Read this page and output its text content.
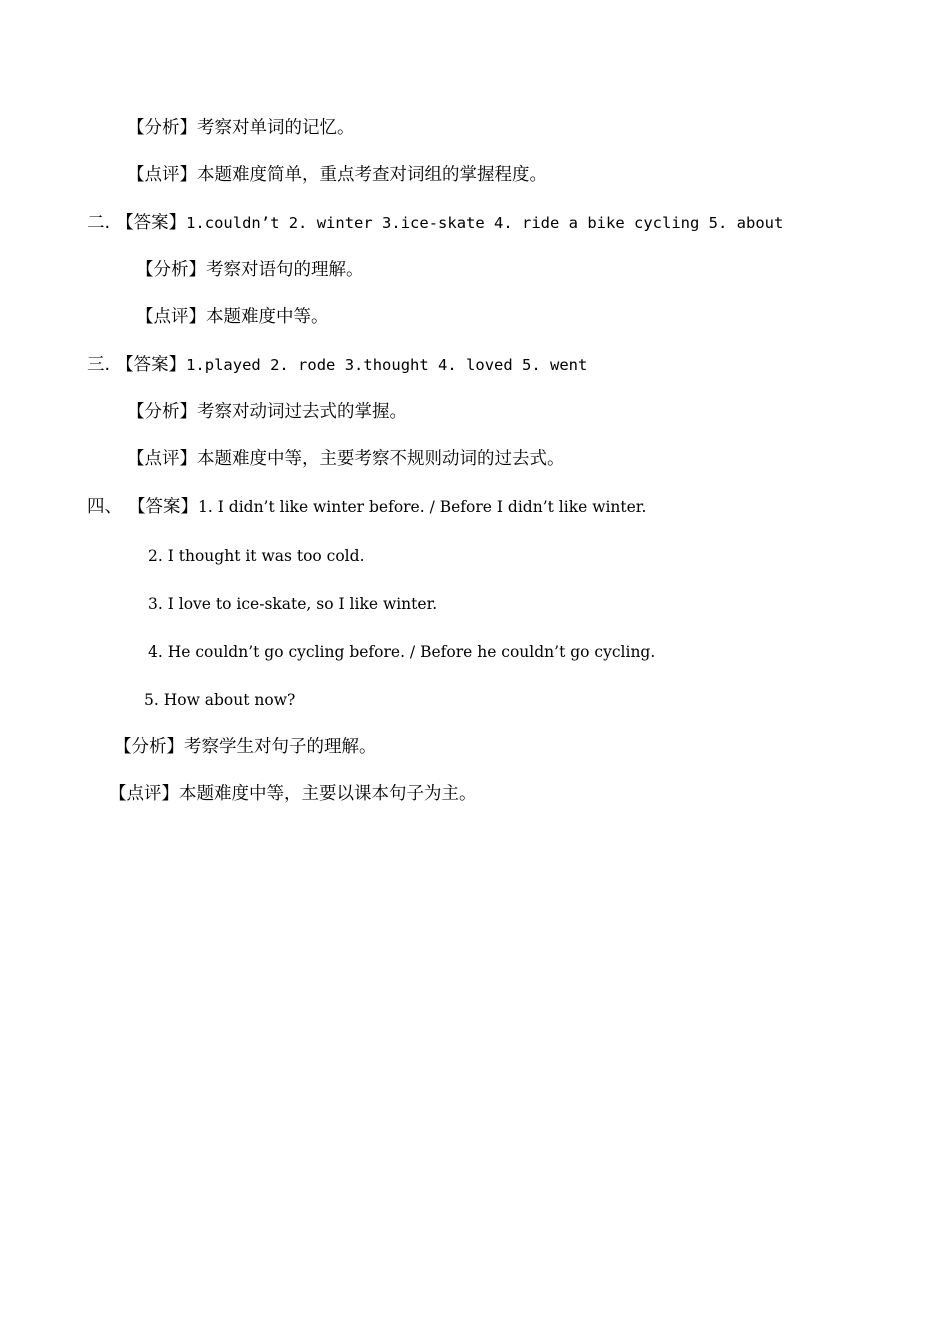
【分析】考察对单词的记忆。
【点评】本题难度简单，重点考查对词组的掌握程度。
二. 【答案】1.couldn’t 2. winter 3.ice-skate 4. ride a bike cycling 5. about
【分析】考察对语句的理解。
【点评】本题难度中等。
三. 【答案】1.played 2. rode 3.thought 4. loved 5. went
【分析】考察对动词过去式的掌握。
【点评】本题难度中等，主要考察不规则动词的过去式。
四、 【答案】1. I didn’t like winter before. / Before I didn’t like winter.
2. I thought it was too cold.
3. I love to ice-skate, so I like winter.
4. He couldn’t go cycling before. / Before he couldn’t go cycling.
5. How about now?
【分析】考察学生对句子的理解。
【点评】本题难度中等，主要以课本句子为主。
